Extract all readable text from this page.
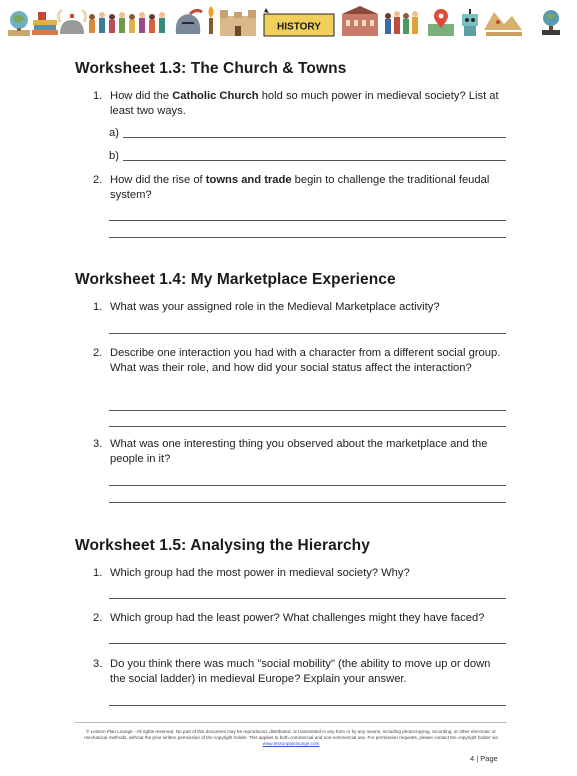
HISTORY
Worksheet 1.3: The Church & Towns
1. How did the Catholic Church hold so much power in medieval society? List at least two ways.
a)
b)
2. How did the rise of towns and trade begin to challenge the traditional feudal system?
Worksheet 1.4: My Marketplace Experience
1. What was your assigned role in the Medieval Marketplace activity?
2. Describe one interaction you had with a character from a different social group. What was their role, and how did your social status affect the interaction?
3. What was one interesting thing you observed about the marketplace and the people in it?
Worksheet 1.5: Analysing the Hierarchy
1. Which group had the most power in medieval society? Why?
2. Which group had the least power? What challenges might they have faced?
3. Do you think there was much "social mobility" (the ability to move up or down the social ladder) in medieval Europe? Explain your answer.
© Lesson Plan Lounge - All rights reserved. No part of this document may be reproduced, distributed, or transmitted in any form or by any means, including photocopying, recording, or other electronic or mechanical methods, without the prior written permission of the copyright holder. This applies to both commercial and non-commercial use. For permission requests, please contact the copyright holder via
www.lessonplanlounge.com
4 | Page
